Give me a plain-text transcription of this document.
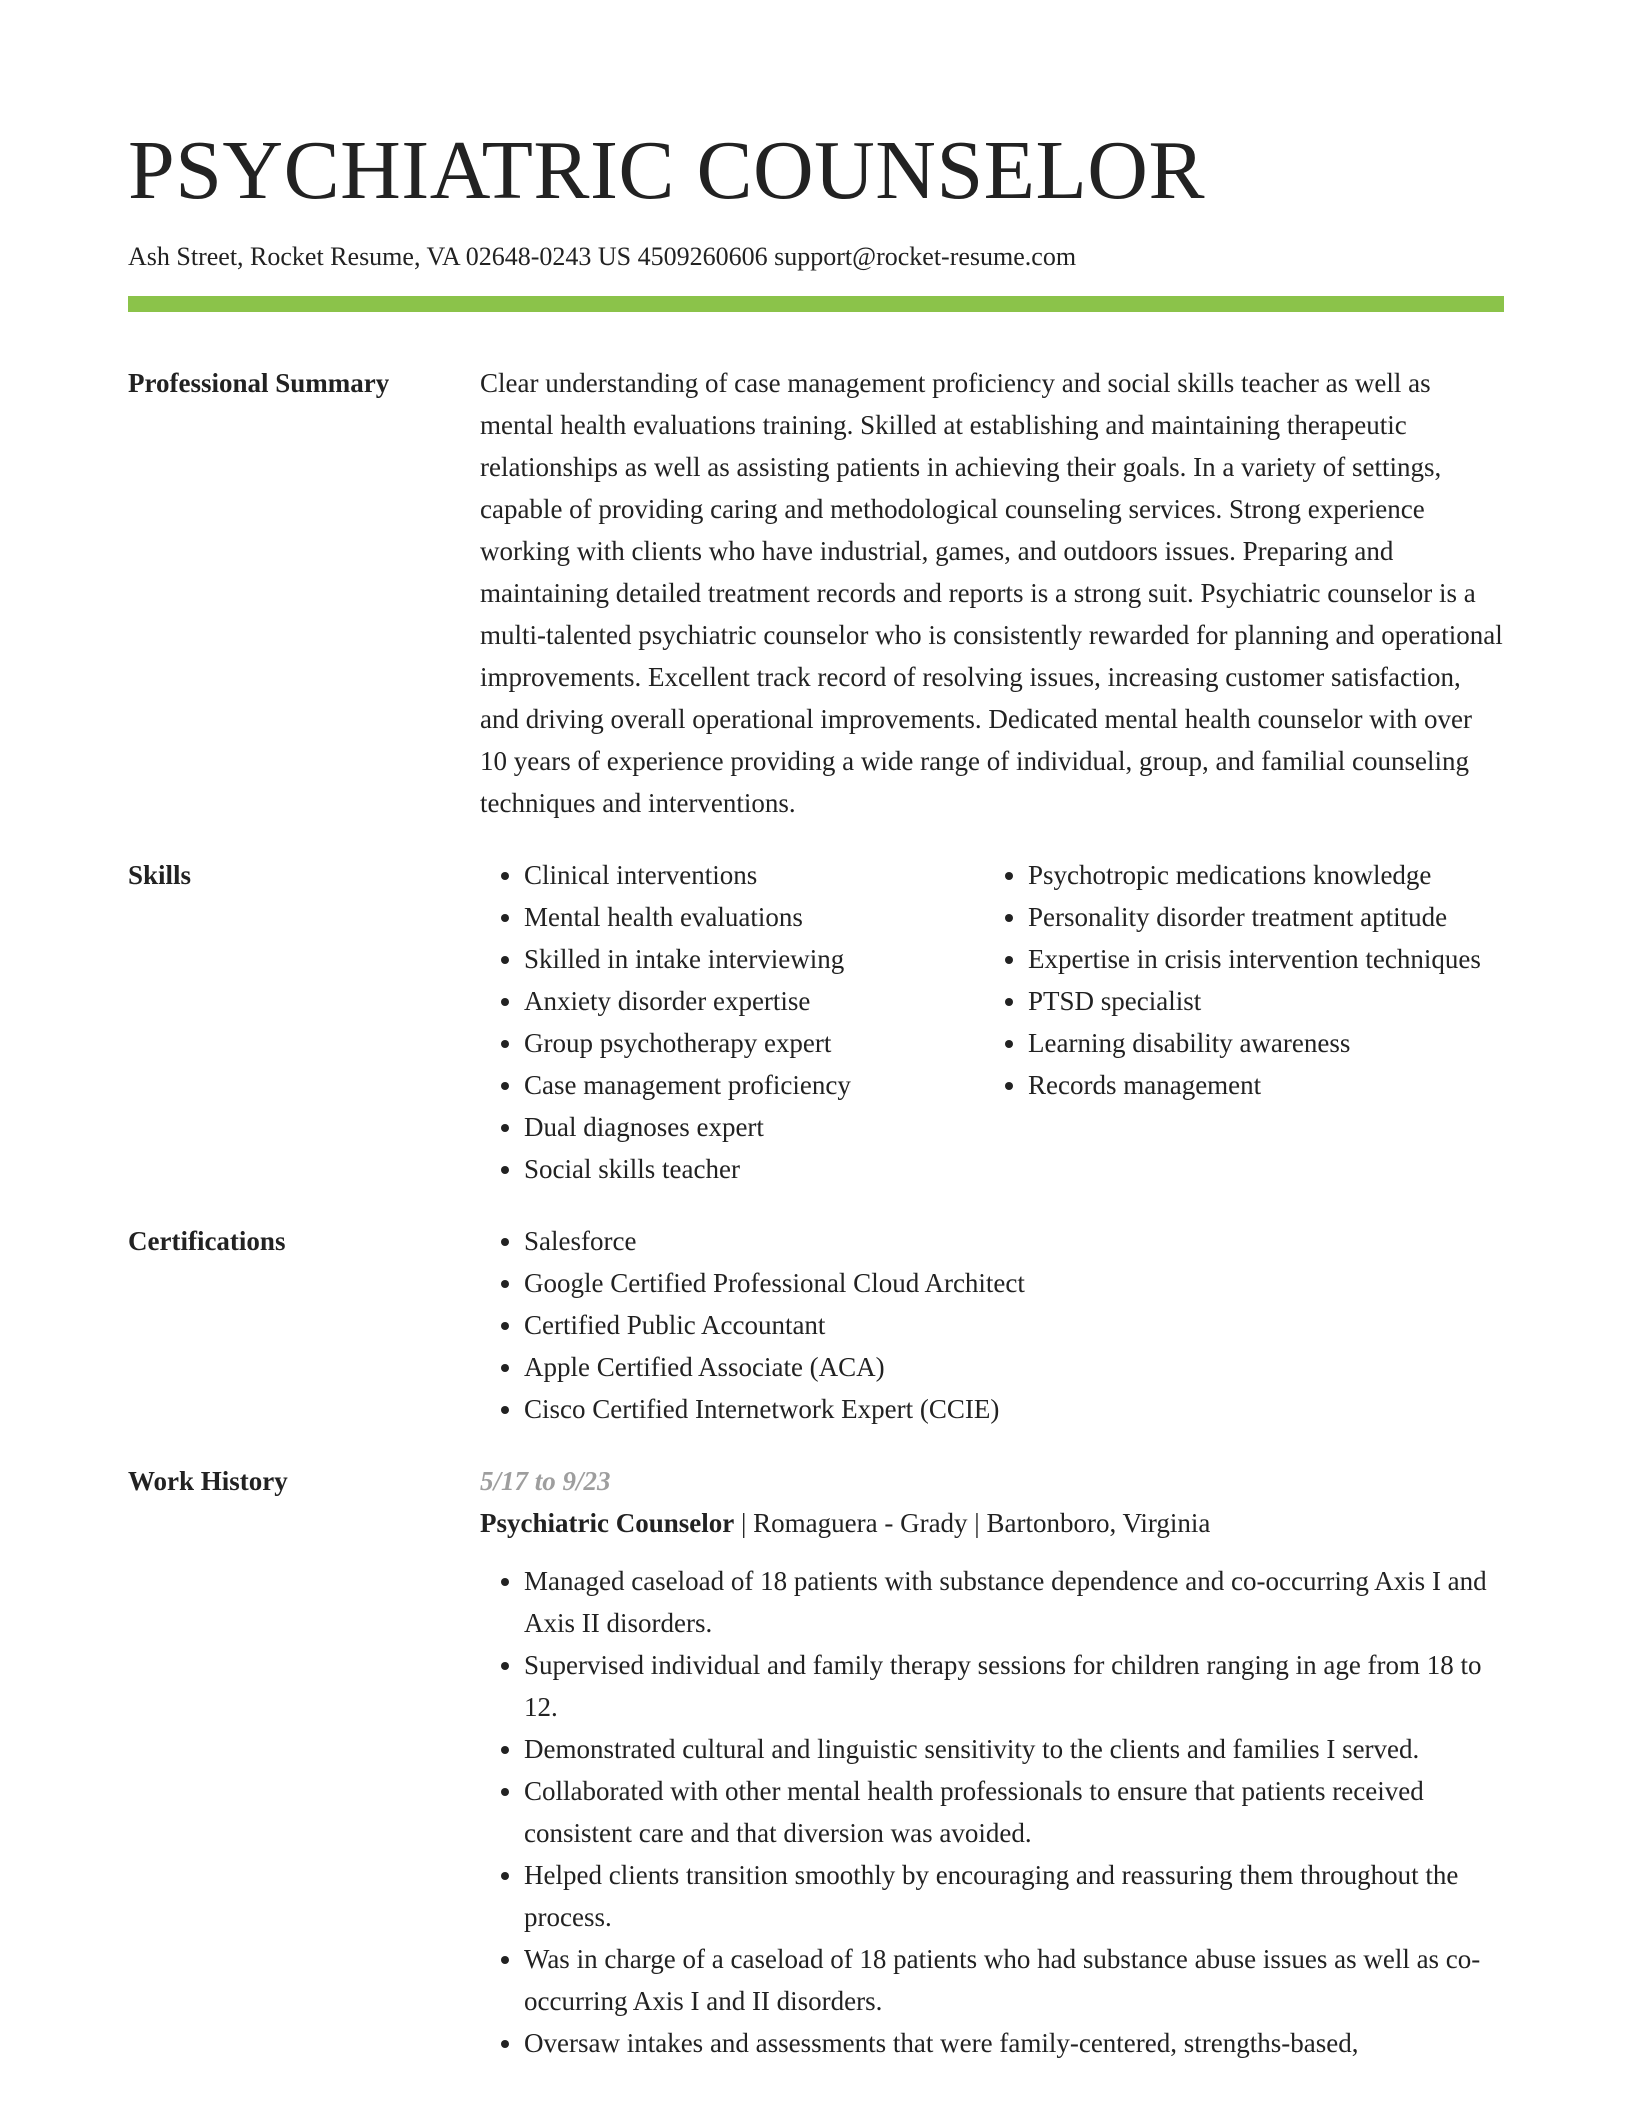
PSYCHIATRIC COUNSELOR
Ash Street, Rocket Resume, VA 02648-0243 US 4509260606 support@rocket-resume.com
Professional Summary	Clear understanding of case management proficiency and social skills teacher as well as mental health evaluations training. Skilled at establishing and maintaining therapeutic relationships as well as assisting patients in achieving their goals. In a variety of settings, capable of providing caring and methodological counseling services. Strong experience working with clients who have industrial, games, and outdoors issues. Preparing and maintaining detailed treatment records and reports is a strong suit. Psychiatric counselor is a multi-talented psychiatric counselor who is consistently rewarded for planning and operational improvements. Excellent track record of resolving issues, increasing customer satisfaction, and driving overall operational improvements. Dedicated mental health counselor with over 10 years of experience providing a wide range of individual, group, and familial counseling techniques and interventions.
Skills	• Clinical interventions
• Mental health evaluations
• Skilled in intake interviewing
• Anxiety disorder expertise
• Group psychotherapy expert
• Case management proficiency
• Dual diagnoses expert
• Social skills teacher
• Psychotropic medications knowledge
• Personality disorder treatment aptitude
• Expertise in crisis intervention techniques
• PTSD specialist
• Learning disability awareness
• Records management
Certifications	• Salesforce
• Google Certified Professional Cloud Architect
• Certified Public Accountant
• Apple Certified Associate (ACA)
• Cisco Certified Internetwork Expert (CCIE)
Work History	5/17 to 9/23
Psychiatric Counselor | Romaguera - Grady | Bartonboro, Virginia
• Managed caseload of 18 patients with substance dependence and co-occurring Axis I and Axis II disorders.
• Supervised individual and family therapy sessions for children ranging in age from 18 to 12.
• Demonstrated cultural and linguistic sensitivity to the clients and families I served.
• Collaborated with other mental health professionals to ensure that patients received consistent care and that diversion was avoided.
• Helped clients transition smoothly by encouraging and reassuring them throughout the process.
• Was in charge of a caseload of 18 patients who had substance abuse issues as well as co-occurring Axis I and II disorders.
• Oversaw intakes and assessments that were family-centered, strengths-based,
